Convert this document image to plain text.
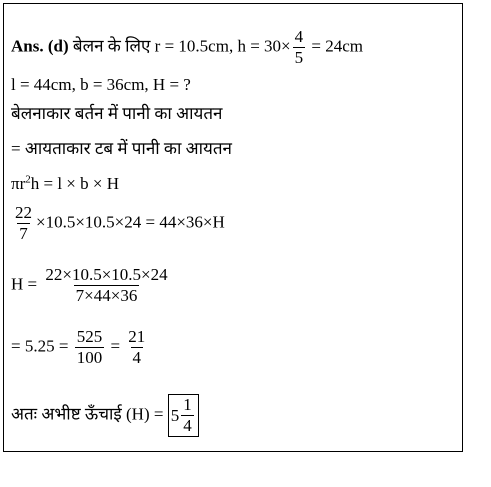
Ans. (d) बेलन के लिए r = 10.5cm, $h = 30\times \frac{4}{5} = 24cm$
l = 44cm, b = 36cm, H = ?
बेलनाकार बर्तन में पानी का आयतन
= आयताकार टब में पानी का आयतन
$\pi r^2h = l \times b \times H$
$\frac{22}{7} \times 10.5\times 10.5\times 24 = 44\times 36\times H$
$H = \frac{22\times 10.5\times 10.5\times 24}{7\times 44\times 36}$
= $5.25 = \frac{525}{100} = \frac{21}{4}$
अतः अभीष्ट ऊँचाई $(H) = 5 \frac{1}{4}$
